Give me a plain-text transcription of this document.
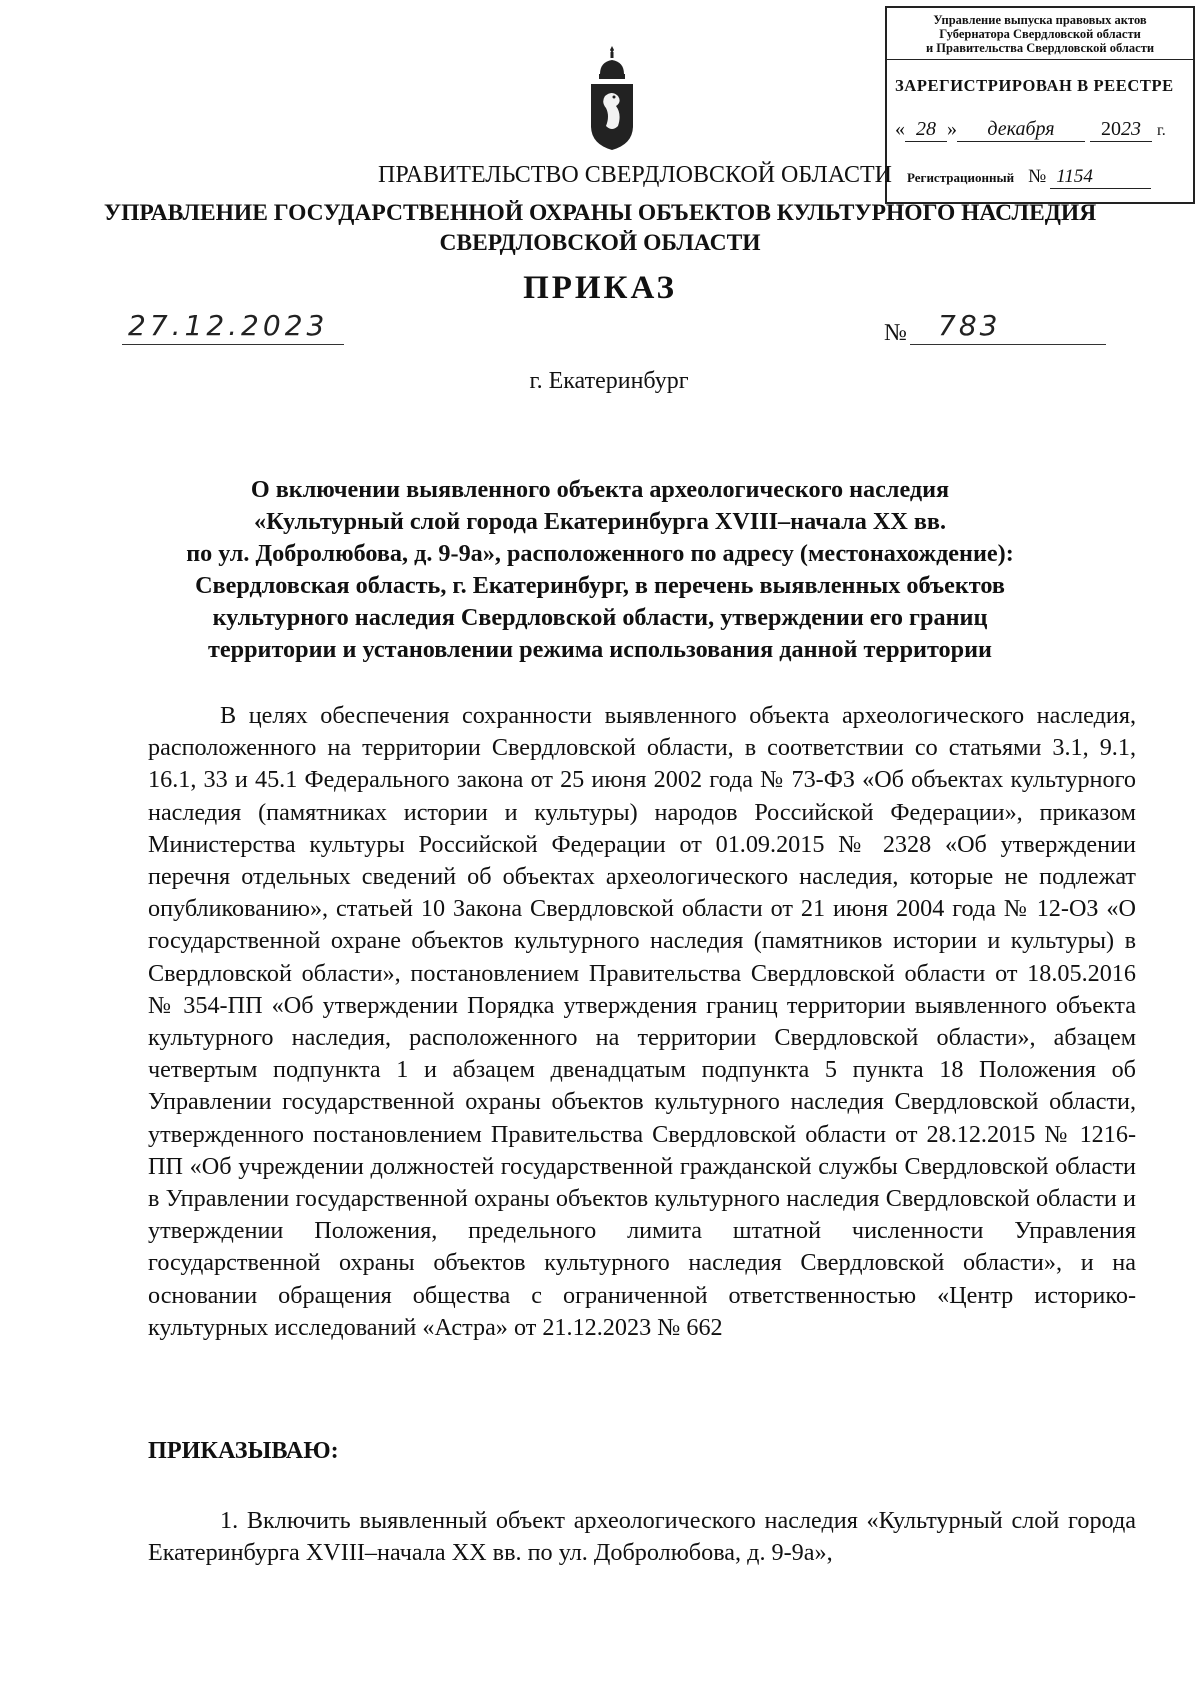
Управление выпуска правовых актов
Губернатора Свердловской области
и Правительства Свердловской области
ЗАРЕГИСТРИРОВАН В РЕЕСТРЕ
« 28 » декабря 2023 г.
Регистрационный № 1154
ПРАВИТЕЛЬСТВО СВЕРДЛОВСКОЙ ОБЛАСТИ
УПРАВЛЕНИЕ ГОСУДАРСТВЕННОЙ ОХРАНЫ ОБЪЕКТОВ КУЛЬТУРНОГО НАСЛЕДИЯ
СВЕРДЛОВСКОЙ ОБЛАСТИ
ПРИКАЗ
27.12.2023	№	783
г. Екатеринбург
О включении выявленного объекта археологического наследия
«Культурный слой города Екатеринбурга XVIII–начала XX вв.
по ул. Добролюбова, д. 9-9а», расположенного по адресу (местонахождение):
Свердловская область, г. Екатеринбург, в перечень выявленных объектов
культурного наследия Свердловской области, утверждении его границ
территории и установлении режима использования данной территории
В целях обеспечения сохранности выявленного объекта археологического наследия, расположенного на территории Свердловской области, в соответствии со статьями 3.1, 9.1, 16.1, 33 и 45.1 Федерального закона от 25 июня 2002 года № 73-ФЗ «Об объектах культурного наследия (памятниках истории и культуры) народов Российской Федерации», приказом Министерства культуры Российской Федерации от 01.09.2015 № 2328 «Об утверждении перечня отдельных сведений об объектах археологического наследия, которые не подлежат опубликованию», статьей 10 Закона Свердловской области от 21 июня 2004 года № 12-ОЗ «О государственной охране объектов культурного наследия (памятников истории и культуры) в Свердловской области», постановлением Правительства Свердловской области от 18.05.2016 № 354-ПП «Об утверждении Порядка утверждения границ территории выявленного объекта культурного наследия, расположенного на территории Свердловской области», абзацем четвертым подпункта 1 и абзацем двенадцатым подпункта 5 пункта 18 Положения об Управлении государственной охраны объектов культурного наследия Свердловской области, утвержденного постановлением Правительства Свердловской области от 28.12.2015 № 1216-ПП «Об учреждении должностей государственной гражданской службы Свердловской области в Управлении государственной охраны объектов культурного наследия Свердловской области и утверждении Положения, предельного лимита штатной численности Управления государственной охраны объектов культурного наследия Свердловской области», и на основании обращения общества с ограниченной ответственностью «Центр историко-культурных исследований «Астра» от 21.12.2023 № 662
ПРИКАЗЫВАЮ:
1. Включить выявленный объект археологического наследия «Культурный слой города Екатеринбурга XVIII–начала XX вв. по ул. Добролюбова, д. 9-9а»,
